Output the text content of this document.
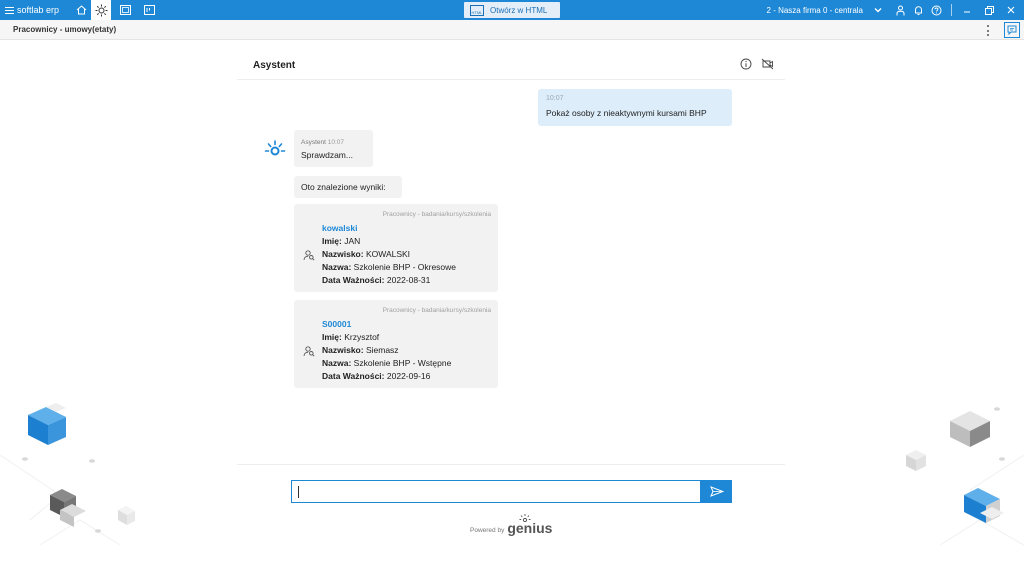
softlab erp	HTML Otwórz w HTML	2 - Nasza firma 0 - centrala
Pracownicy - umowy(etaty)
Asystent
10:07
Pokaż osoby z nieaktywnymi kursami BHP
Asystent 10:07
Sprawdzam...
Oto znalezione wyniki:
Pracownicy - badania/kursy/szkolenia
kowalski
Imię: JAN
Nazwisko: KOWALSKI
Nazwa: Szkolenie BHP - Okresowe
Data Ważności: 2022-08-31
Pracownicy - badania/kursy/szkolenia
S00001
Imię: Krzysztof
Nazwisko: Siemasz
Nazwa: Szkolenie BHP - Wstępne
Data Ważności: 2022-09-16
Powered by genius
